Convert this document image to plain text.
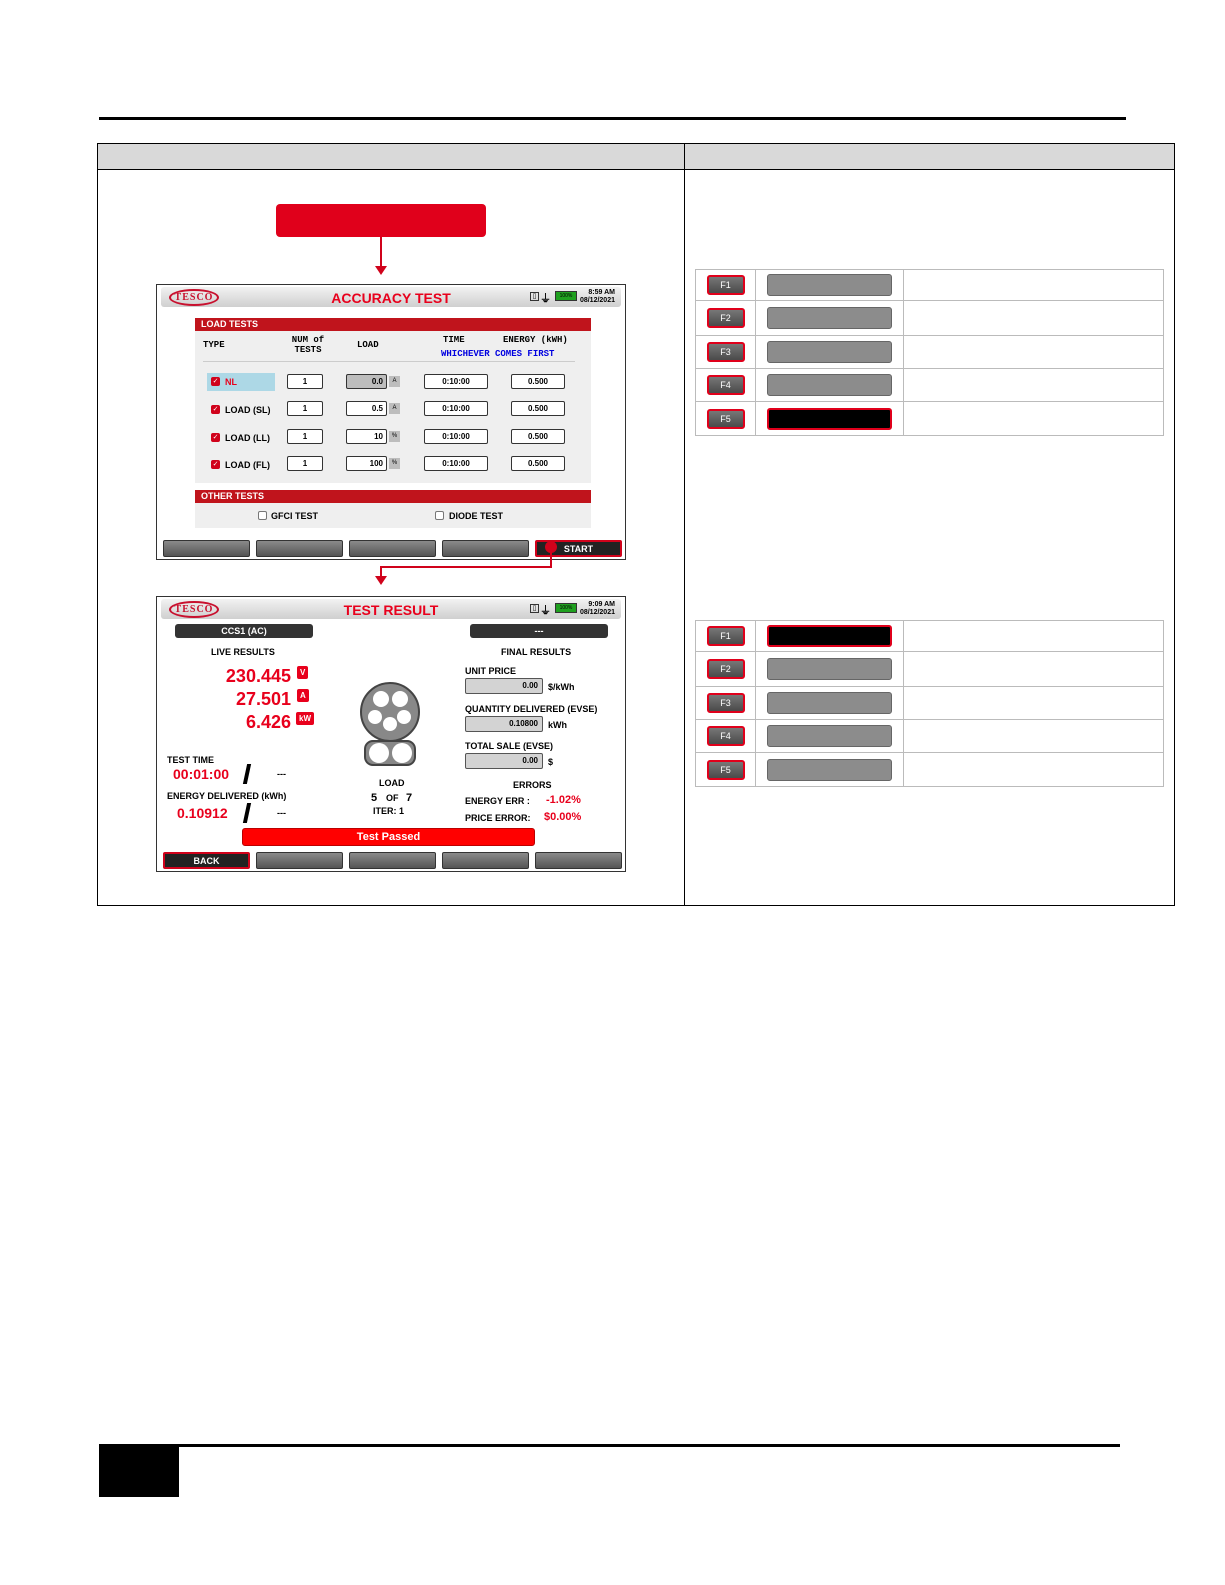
TESCO	ACCURACY TEST	▯ ⏚	100%	8:59 AM
08/12/2021
LOAD TESTS
TYPE	NUM of TESTS	LOAD	TIME	ENERGY (kWH)
WHICHEVER COMES FIRST
✓ NL	1	0.0	A	0:10:00	0.500
✓ LOAD (SL)	1	0.5	A	0:10:00	0.500
✓ LOAD (LL)	1	10	%	0:10:00	0.500
✓ LOAD (FL)	1	100	%	0:10:00	0.500
OTHER TESTS
GFCI TEST	DIODE TEST
START
TESCO	TEST RESULT	▯ ⏚	100%	9:09 AM
08/12/2021
CCS1 (AC)	---
LIVE RESULTS
230.445	V
27.501	A
6.426	kW
TEST TIME
00:01:00	---
ENERGY DELIVERED (kWh)
0.10912	---
LOAD
5 OF 7
ITER: 1
FINAL RESULTS
UNIT PRICE
0.00	$/kWh
QUANTITY DELIVERED (EVSE)
0.10800	kWh
TOTAL SALE (EVSE)
0.00	$
ERRORS
ENERGY ERR : -1.02%
PRICE ERROR: $0.00%
Test Passed
BACK
F1		

F2		

F3		

F4		

F5		

F1		

F2		

F3		

F4		

F5		
